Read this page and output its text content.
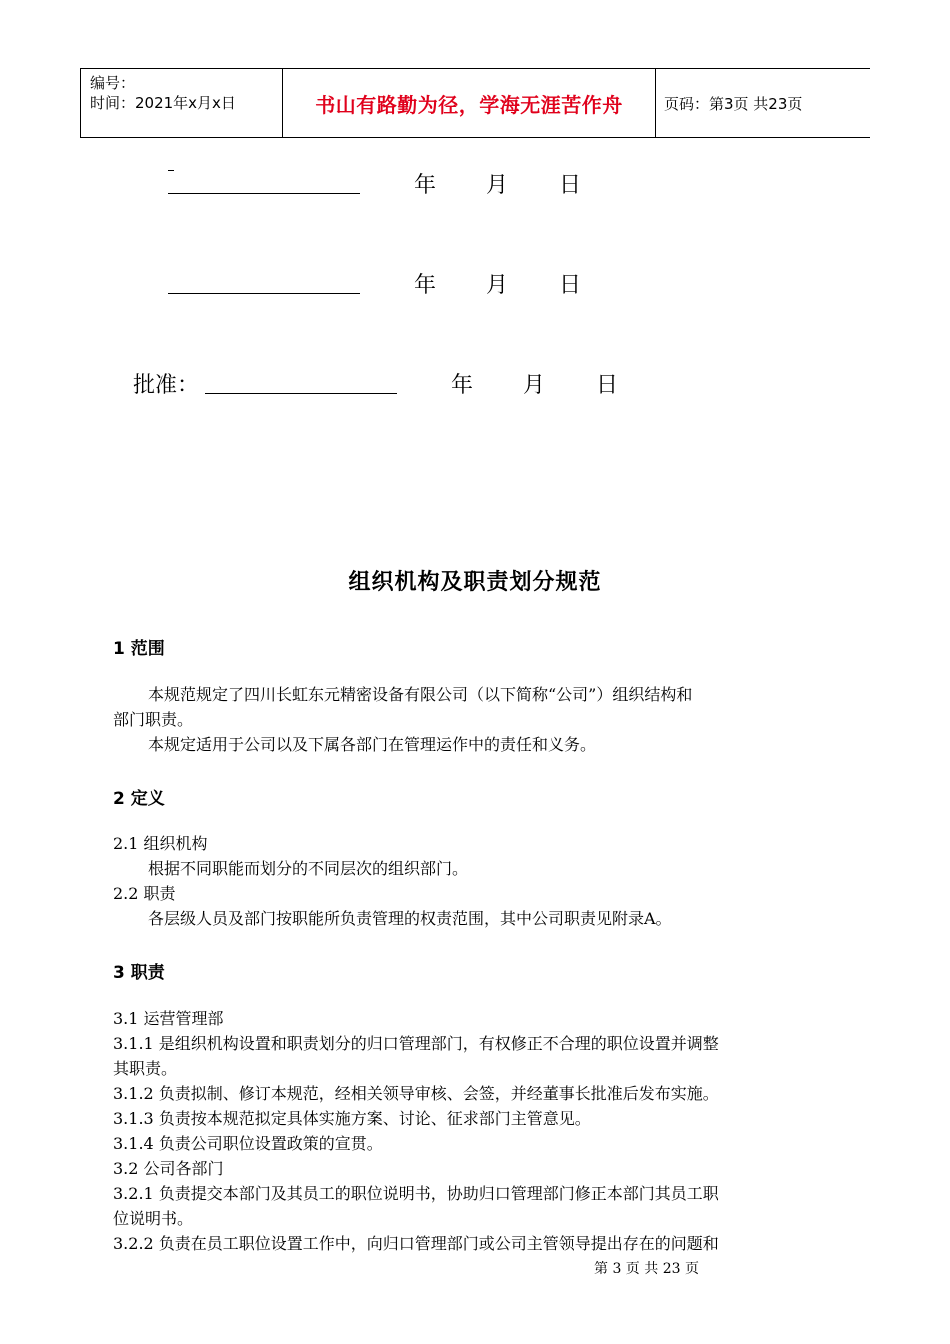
编号：
时间：2021年x月x日	书山有路勤为径，学海无涯苦作舟	页码：第3页 共23页
年 月 日
年 月 日
批准：	年 月 日
组织机构及职责划分规范
1 范围
本规范规定了四川长虹东元精密设备有限公司（以下简称“公司”）组织结构和
部门职责。
本规定适用于公司以及下属各部门在管理运作中的责任和义务。
2 定义
2.1 组织机构
根据不同职能而划分的不同层次的组织部门。
2.2 职责
各层级人员及部门按职能所负责管理的权责范围，其中公司职责见附录A。
3 职责
3.1 运营管理部
3.1.1 是组织机构设置和职责划分的归口管理部门，有权修正不合理的职位设置并调整
其职责。
3.1.2 负责拟制、修订本规范，经相关领导审核、会签，并经董事长批准后发布实施。
3.1.3 负责按本规范拟定具体实施方案、讨论、征求部门主管意见。
3.1.4 负责公司职位设置政策的宣贯。
3.2 公司各部门
3.2.1 负责提交本部门及其员工的职位说明书，协助归口管理部门修正本部门其员工职
位说明书。
3.2.2 负责在员工职位设置工作中，向归口管理部门或公司主管领导提出存在的问题和
第 3 页 共 23 页
